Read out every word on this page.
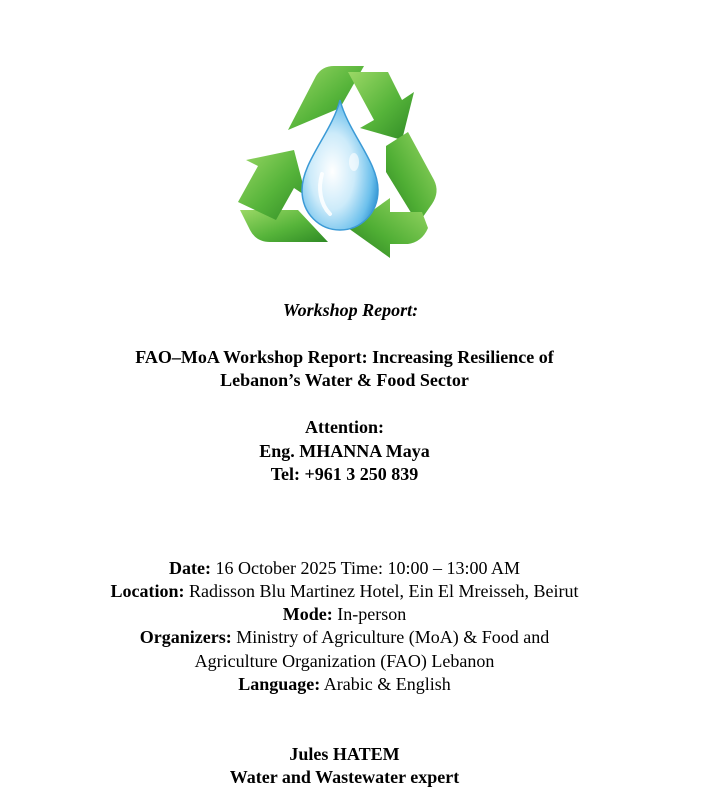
Workshop Report:
FAO–MoA Workshop Report: Increasing Resilience of
Lebanon’s Water & Food Sector
Attention:
Eng. MHANNA Maya
Tel: +961 3 250 839
Date: 16 October 2025 Time: 10:00 – 13:00 AM
Location: Radisson Blu Martinez Hotel, Ein El Mreisseh, Beirut
Mode: In-person
Organizers: Ministry of Agriculture (MoA) & Food and
Agriculture Organization (FAO) Lebanon
Language: Arabic & English
Jules HATEM
Water and Wastewater expert
